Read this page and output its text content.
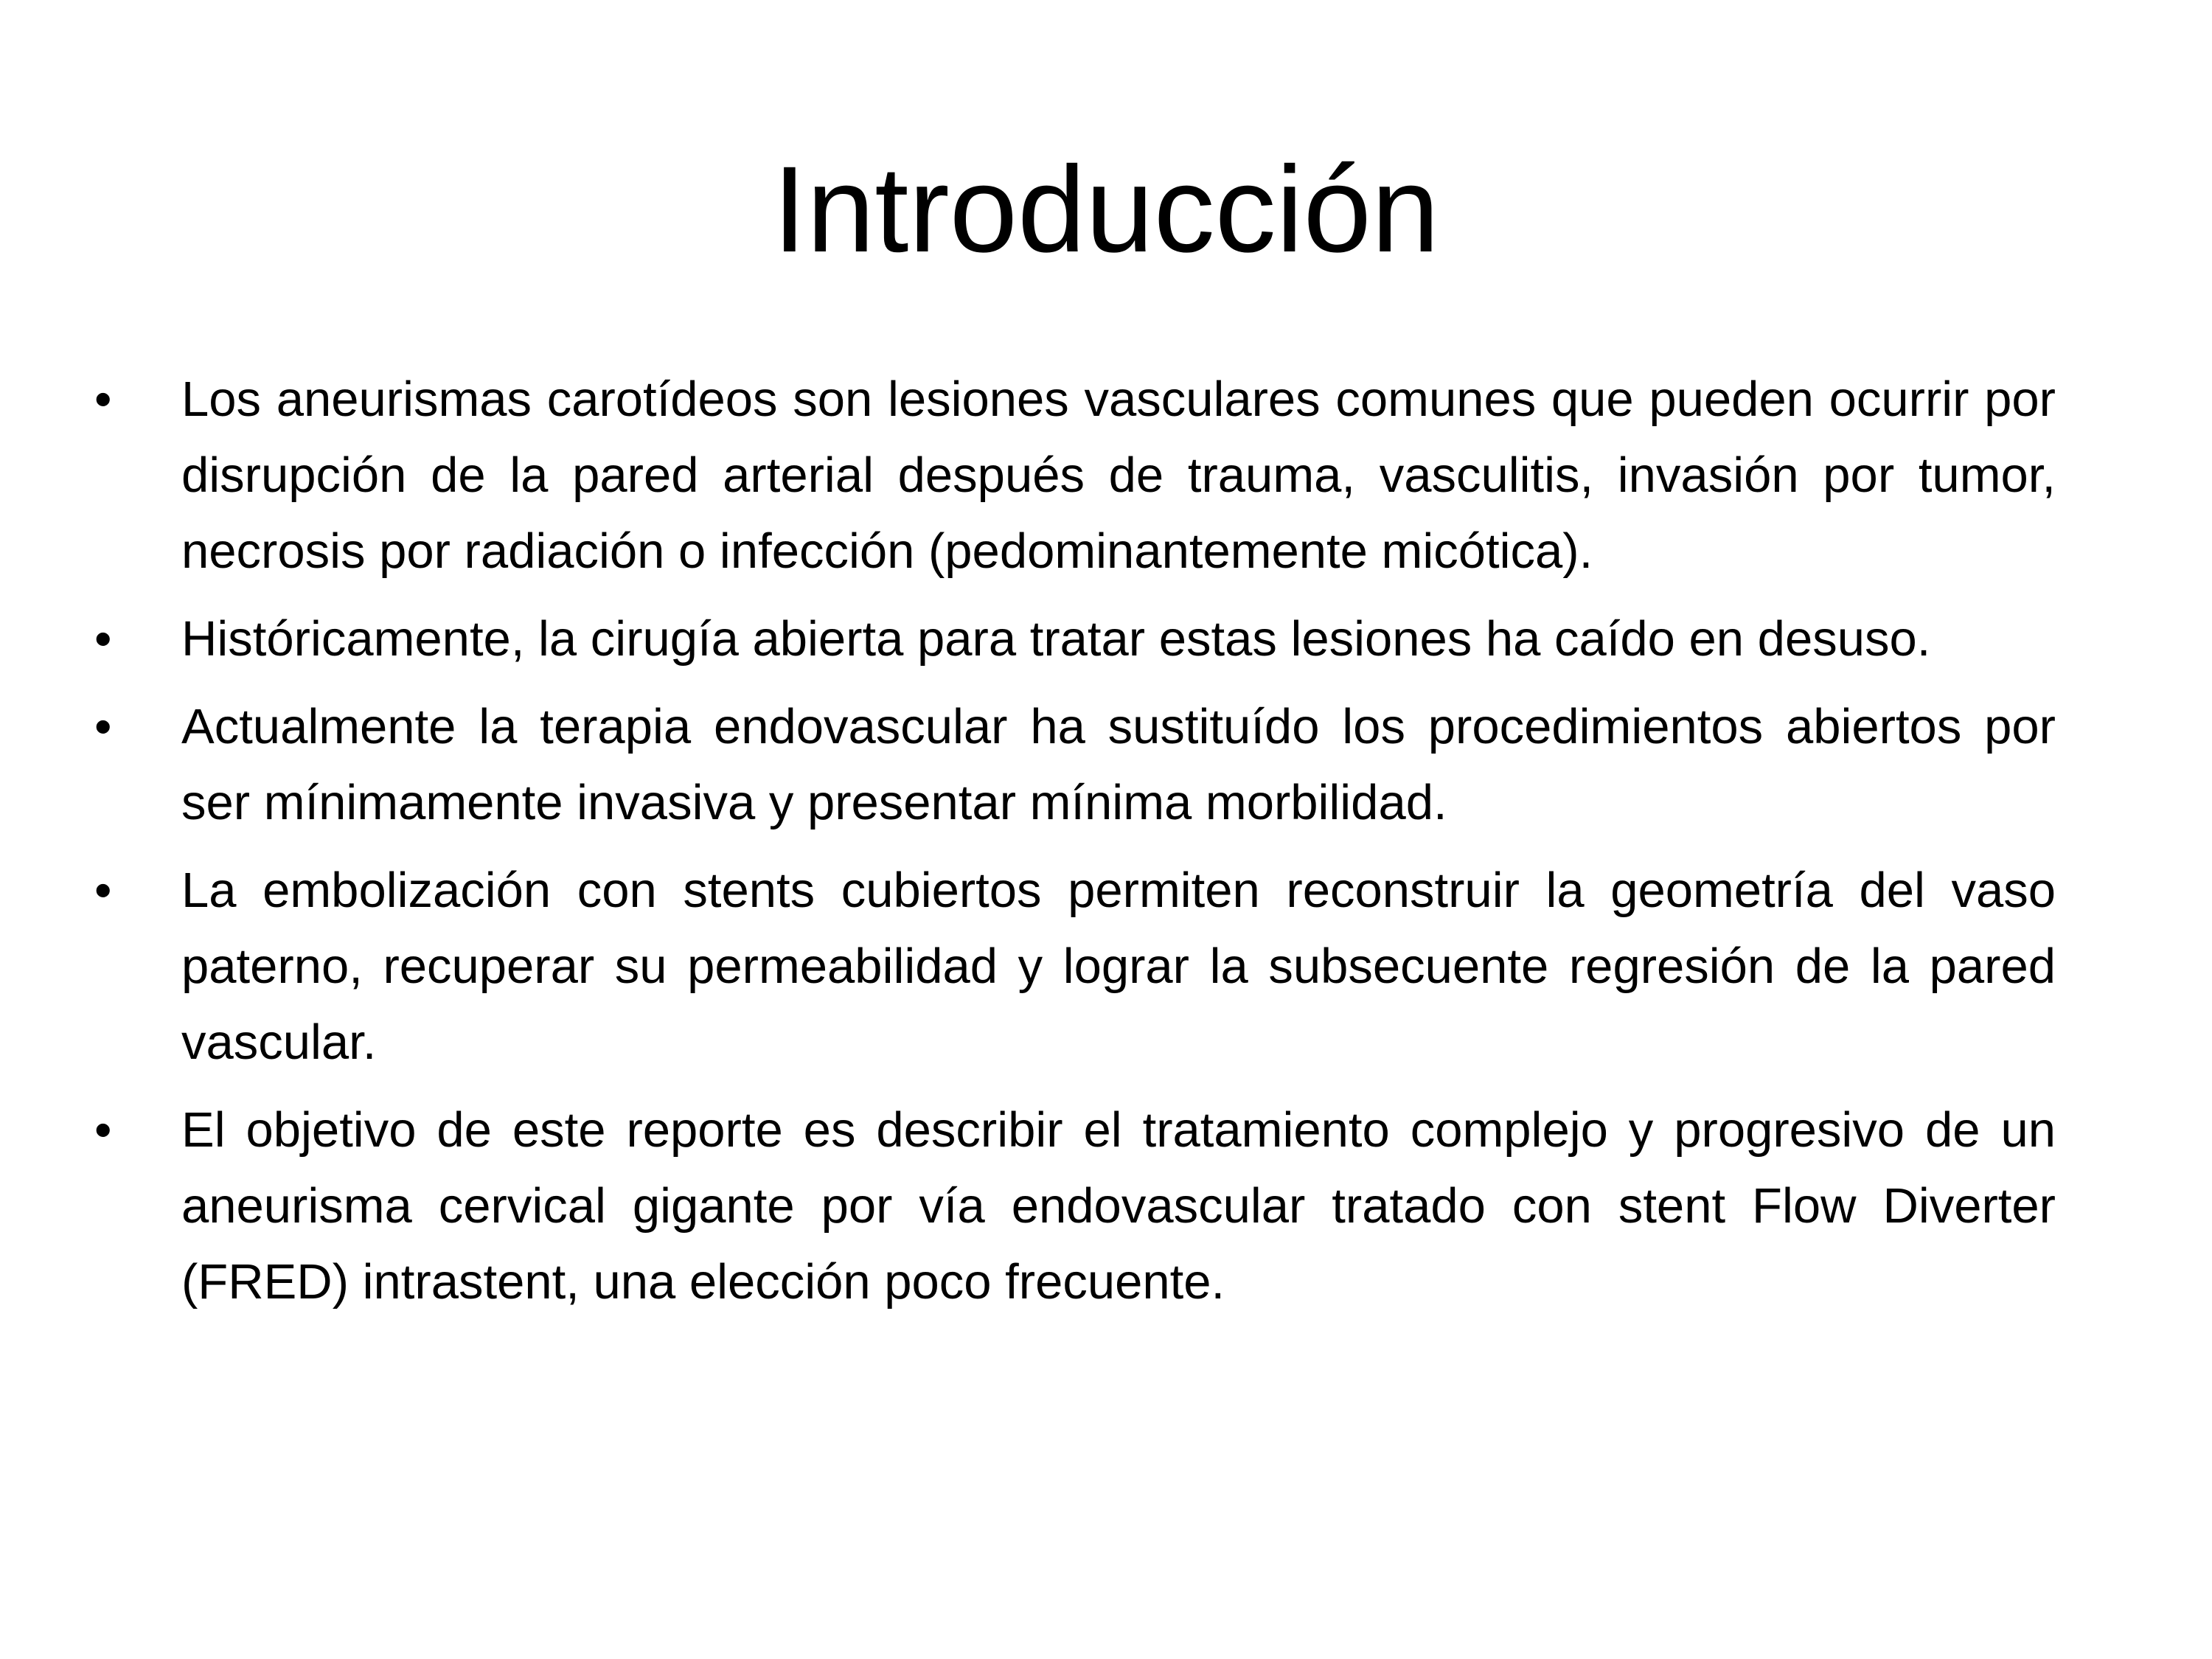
Introducción
•	Los aneurismas carotídeos son lesiones vasculares comunes que pueden ocurrir por disrupción de la pared arterial después de trauma, vasculitis, invasión por tumor, necrosis por radiación o infección (pedominantemente micótica).
•	Históricamente, la cirugía abierta para tratar estas lesiones ha caído en desuso.
•	Actualmente la terapia endovascular ha sustituído los procedimientos abiertos por ser mínimamente invasiva y presentar mínima morbilidad.
•	La embolización con stents cubiertos permiten reconstruir la geometría del vaso paterno, recuperar su permeabilidad y lograr la subsecuente regresión de la pared vascular.
•	El objetivo de este reporte es describir el tratamiento complejo y progresivo de un aneurisma cervical gigante por vía endovascular tratado con stent Flow Diverter (FRED) intrastent, una elección poco frecuente.
